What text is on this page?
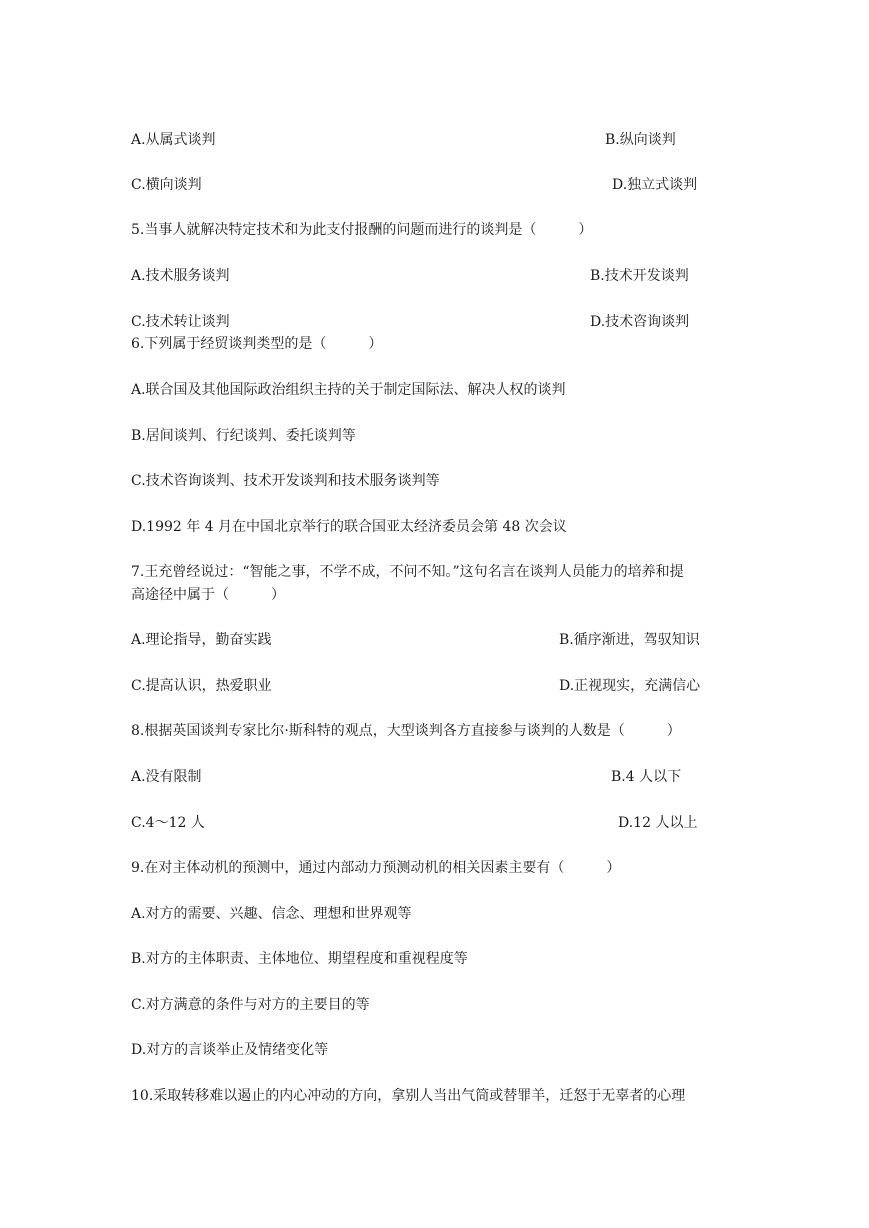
A.从属式谈判	B.纵向谈判
C.横向谈判	D.独立式谈判
5.当事人就解决特定技术和为此支付报酬的问题而进行的谈判是（　　　）
A.技术服务谈判	B.技术开发谈判
C.技术转让谈判	D.技术咨询谈判
6.下列属于经贸谈判类型的是（　　　）
A.联合国及其他国际政治组织主持的关于制定国际法、解决人权的谈判
B.居间谈判、行纪谈判、委托谈判等
C.技术咨询谈判、技术开发谈判和技术服务谈判等
D.1992 年 4 月在中国北京举行的联合国亚太经济委员会第 48 次会议
7.王充曾经说过：“智能之事，不学不成，不问不知。”这句名言在谈判人员能力的培养和提
高途径中属于（　　　）
A.理论指导，勤奋实践	B.循序渐进，驾驭知识
C.提高认识，热爱职业	D.正视现实，充满信心
8.根据英国谈判专家比尔·斯科特的观点，大型谈判各方直接参与谈判的人数是（　　　）
A.没有限制	B.4 人以下
C.4～12 人	D.12 人以上
9.在对主体动机的预测中，通过内部动力预测动机的相关因素主要有（　　　）
A.对方的需要、兴趣、信念、理想和世界观等
B.对方的主体职责、主体地位、期望程度和重视程度等
C.对方满意的条件与对方的主要目的等
D.对方的言谈举止及情绪变化等
10.采取转移难以遏止的内心冲动的方向，拿别人当出气筒或替罪羊，迁怒于无辜者的心理
